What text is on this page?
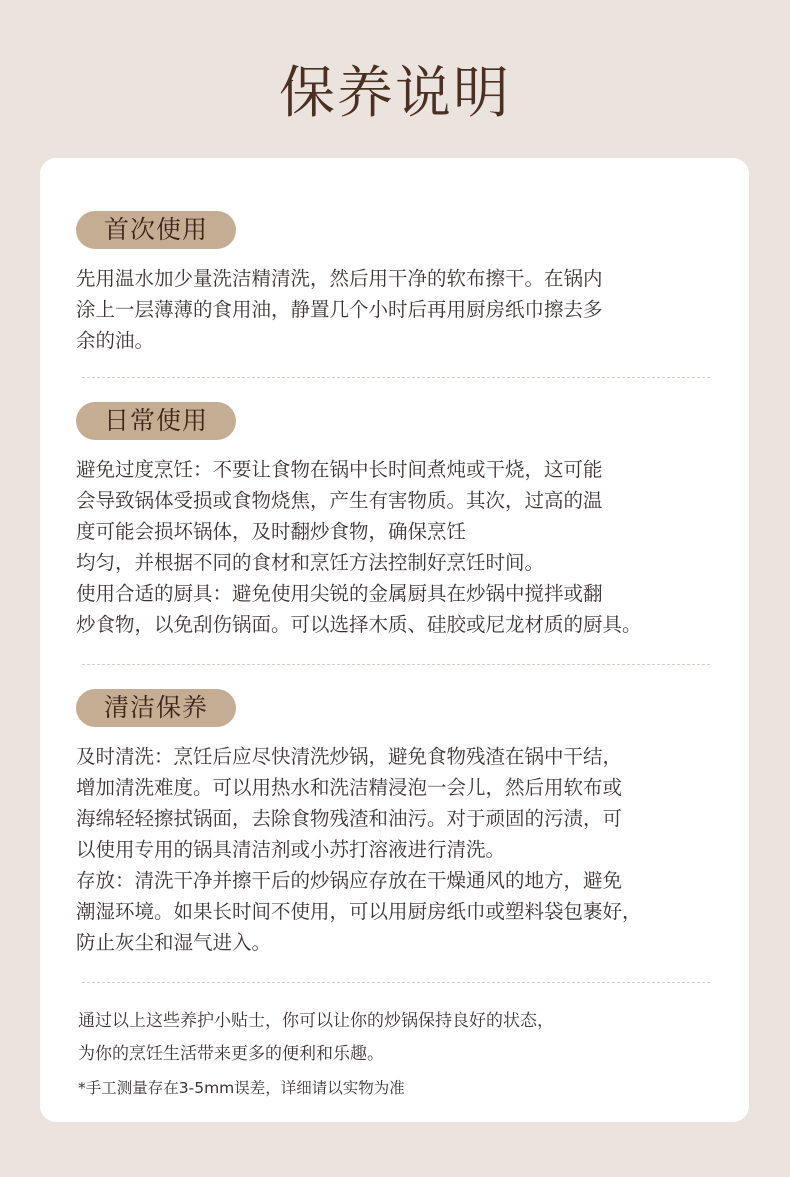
保养说明
首次使用

先用温水加少量洗洁精清洗，然后用干净的软布擦干。在锅内

涂上一层薄薄的食用油，静置几个小时后再用厨房纸巾擦去多

余的油。

日常使用

避免过度烹饪：不要让食物在锅中长时间煮炖或干烧，这可能

会导致锅体受损或食物烧焦，产生有害物质。其次，过高的温

度可能会损坏锅体，及时翻炒食物，确保烹饪

均匀，并根据不同的食材和烹饪方法控制好烹饪时间。

使用合适的厨具：避免使用尖锐的金属厨具在炒锅中搅拌或翻

炒食物，以免刮伤锅面。可以选择木质、硅胶或尼龙材质的厨具。

清洁保养

及时清洗：烹饪后应尽快清洗炒锅，避免食物残渣在锅中干结，

增加清洗难度。可以用热水和洗洁精浸泡一会儿，然后用软布或

海绵轻轻擦拭锅面，去除食物残渣和油污。对于顽固的污渍，可

以使用专用的锅具清洁剂或小苏打溶液进行清洗。

存放：清洗干净并擦干后的炒锅应存放在干燥通风的地方，避免

潮湿环境。如果长时间不使用，可以用厨房纸巾或塑料袋包裹好，

防止灰尘和湿气进入。

通过以上这些养护小贴士，你可以让你的炒锅保持良好的状态，

为你的烹饪生活带来更多的便利和乐趣。

*手工测量存在3-5mm误差，详细请以实物为准
